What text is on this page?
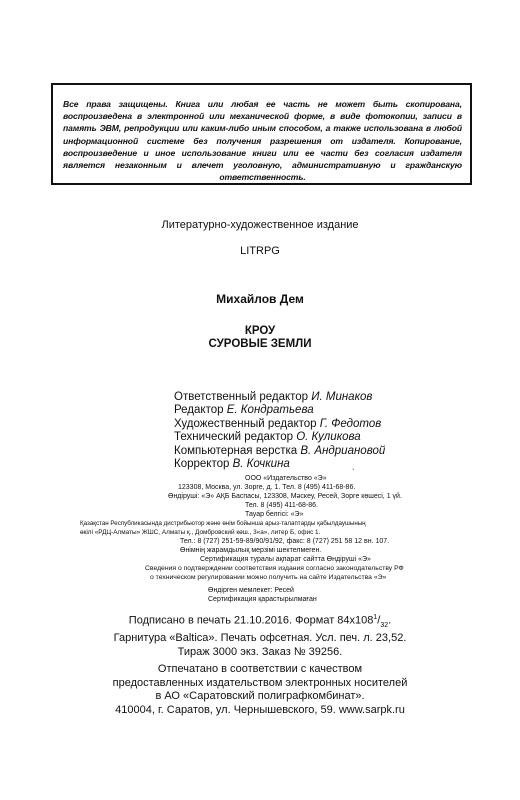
Все права защищены. Книга или любая ее часть не может быть скопирована, воспроизведена в электронной или механической форме, в виде фотокопии, записи в память ЭВМ, репродукции или каким-либо иным способом, а также использована в любой информационной системе без получения разрешения от издателя. Копирование, воспроизведение и иное использование книги или ее части без согласия издателя является незаконным и влечет уголовную, административную и гражданскую ответственность.

Литературно-художественное издание
LITRPG
Михайлов Дем
КРОУ
СУРОВЫЕ ЗЕМЛИ
Ответственный редактор И. Минаков
Редактор Е. Кондратьева
Художественный редактор Г. Федотов
Технический редактор О. Куликова
Компьютерная верстка В. Андриановой
Корректор В. Кочкина
`
ООО «Издательство «Э»
123308, Москва, ул. Зорге, д. 1. Тел. 8 (495) 411-68-86.
Өндіруші: «Э» АҚБ Баспасы, 123308, Мәскеу, Ресей, Зорге көшесі, 1 үй.
Тел. 8 (495) 411-68-86.
Тауар белгісі: «Э»
Қазақстан Республикасында дистрибьютор және өнім бойынша арыз-талаптарды қабылдаушының
өкілі «РДЦ-Алматы» ЖШС, Алматы қ., Домбровский көш., 3«а», литер Б, офис 1.
Тел.: 8 (727) 251-59-89/90/91/92, факс: 8 (727) 251 58 12 вн. 107.
Өнімнің жарамдылық мерзімі шектелмеген.
Сертификация туралы ақпарат сайтта Өндіруші «Э»
Сведения о подтверждении соответствия издания согласно законодательству РФ
о техническом регулировании можно получить на сайте Издательства «Э»
Өндірген мемлекет: Ресей
Сертификация қарастырылмаған
Подписано в печать 21.10.2016. Формат $84x108^1/_{32}$.
Гарнитура «Baltica». Печать офсетная. Усл. печ. л. 23,52.
Тираж 3000 экз. Заказ № 39256.
Отпечатано в соответствии с качеством
предоставленных издательством электронных носителей
в АО «Саратовский полиграфкомбинат».
410004, г. Саратов, ул. Чернышевского, 59. www.sarpk.ru
